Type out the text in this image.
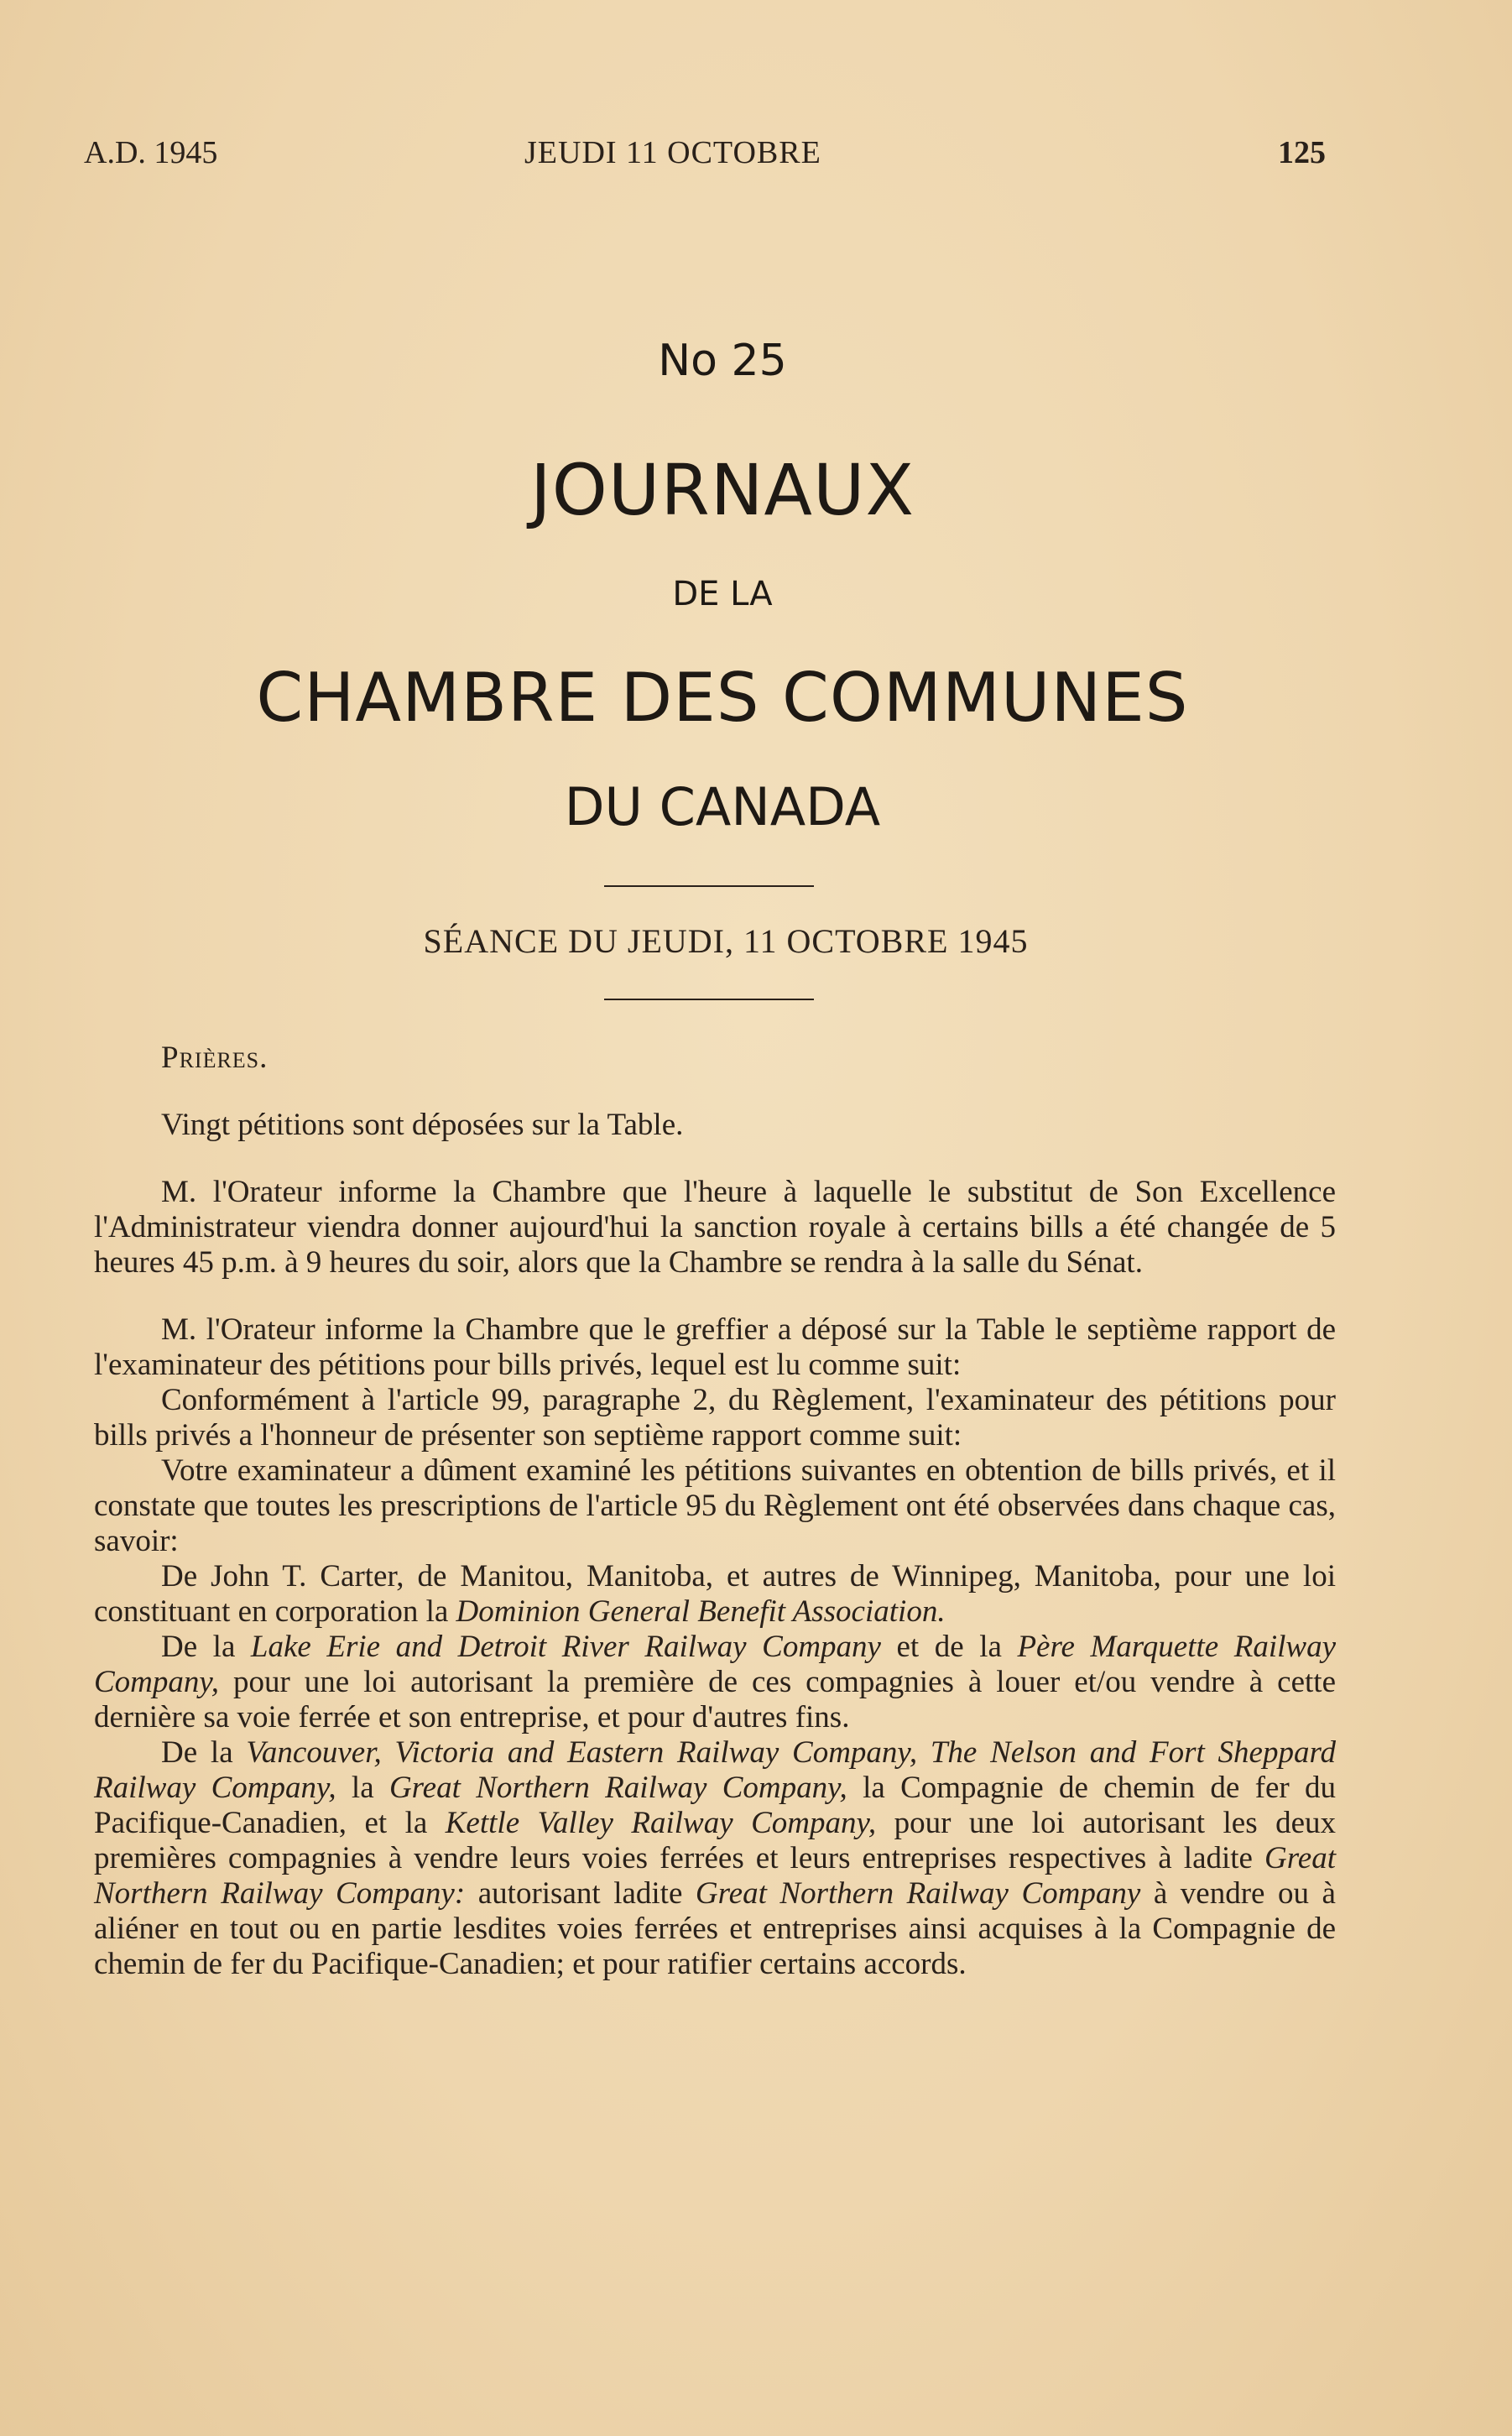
A.D. 1945	JEUDI 11 OCTOBRE	125
No 25
JOURNAUX
DE LA
CHAMBRE DES COMMUNES
DU CANADA
SÉANCE DU JEUDI, 11 OCTOBRE 1945

Prières.

Vingt pétitions sont déposées sur la Table.

M. l'Orateur informe la Chambre que l'heure à laquelle le substitut de Son Excellence l'Administrateur viendra donner aujourd'hui la sanction royale à certains bills a été changée de 5 heures 45 p.m. à 9 heures du soir, alors que la Chambre se rendra à la salle du Sénat.

M. l'Orateur informe la Chambre que le greffier a déposé sur la Table le septième rapport de l'examinateur des pétitions pour bills privés, lequel est lu comme suit:

Conformément à l'article 99, paragraphe 2, du Règlement, l'examinateur des pétitions pour bills privés a l'honneur de présenter son septième rapport comme suit:

Votre examinateur a dûment examiné les pétitions suivantes en obtention de bills privés, et il constate que toutes les prescriptions de l'article 95 du Règlement ont été observées dans chaque cas, savoir:

De John T. Carter, de Manitou, Manitoba, et autres de Winnipeg, Manitoba, pour une loi constituant en corporation la Dominion General Benefit Association.

De la Lake Erie and Detroit River Railway Company et de la Père Marquette Railway Company, pour une loi autorisant la première de ces compagnies à louer et/ou vendre à cette dernière sa voie ferrée et son entreprise, et pour d'autres fins.

De la Vancouver, Victoria and Eastern Railway Company, The Nelson and Fort Sheppard Railway Company, la Great Northern Railway Company, la Compagnie de chemin de fer du Pacifique-Canadien, et la Kettle Valley Railway Company, pour une loi autorisant les deux premières compagnies à vendre leurs voies ferrées et leurs entreprises respectives à ladite Great Northern Railway Company: autorisant ladite Great Northern Railway Company à vendre ou à aliéner en tout ou en partie lesdites voies ferrées et entreprises ainsi acquises à la Compagnie de chemin de fer du Pacifique-Canadien; et pour ratifier certains accords.
